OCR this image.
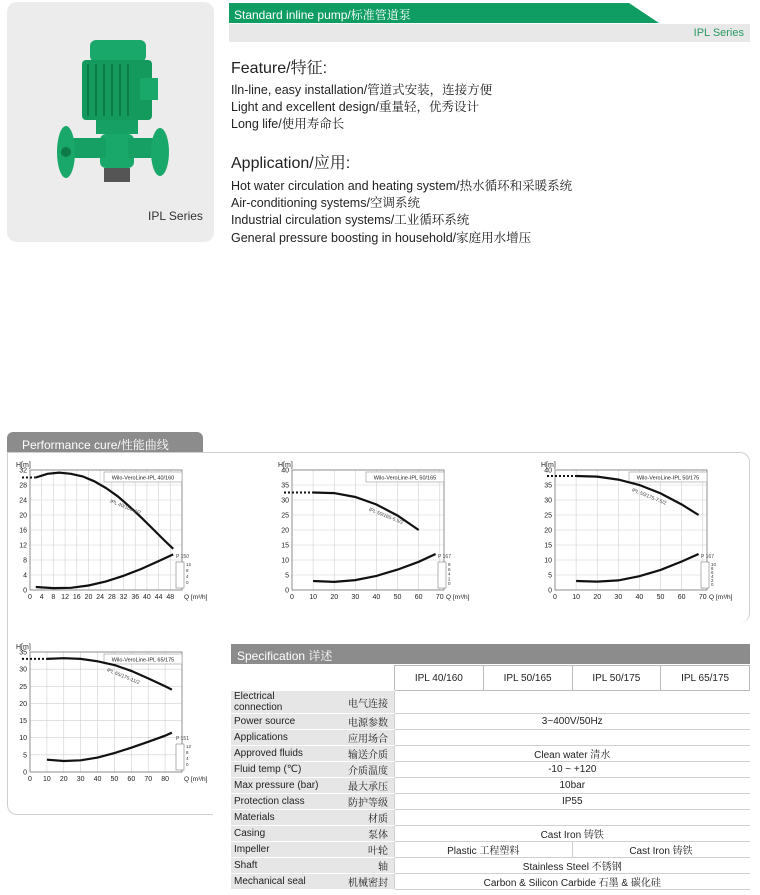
IPL Series
Standard inline pump/标准管道泵
IPL Series
Feature/特征:
Iln-line, easy installation/管道式安装，连接方便
Light and excellent design/重量轻，优秀设计
Long life/使用寿命长
Application/应用:
Hot water circulation and heating system/热水循环和采暖系统
Air-conditioning systems/空调系统
Industrial circulation systems/工业循环系统
General pressure boosting in household/家庭用水增压
Performance cure/性能曲线
0 4 8 12 16 20 24 28 32 36 40 44 48
0
4
8
12
16
20
24
28
32
H[m]
Q [m³/h]
Wilo-VeroLine-IPL 40/160
IPL 40/160-4/2
P 150
12
8
4
0
0 10 20 30 40 50 60 70
0
5
10
15
20
25
30
35
40
H[m]
Q [m³/h]
Wilo-VeroLine-IPL 50/165
IPL 50/165-5.5/2
P 167
8
6
4
2
0
0 10 20 30 40 50 60 70
0
5
10
15
20
25
30
35
40
H[m]
Q [m³/h]
Wilo-VeroLine-IPL 50/175
IPL 50/175-7.5/2
P 167
10
8
6
4
2
0
0 10 20 30 40 50 60 70 80
0
5
10
15
20
25
30
35
H[m]
Q [m³/h]
Wilo-VeroLine-IPL 65/175
IPL 65/175-11/2
P 151
12
8
4
0
Specification 详述
		IPL 40/160	IPL 50/165	IPL 50/175	IPL 65/175
Electrical connection	电气连接				
Power source	电源参数	3~400V/50Hz			
Applications	应用场合				
Approved fluids	输送介质	Clean water 清水			
Fluid temp (℃)	介质温度	-10 ~ +120			
Max pressure (bar)	最大承压	10bar			
Protection class	防护等级	IP55			
Materials	材质				
Casing	泵体	Cast Iron 铸铁			
Impeller	叶轮	Plastic 工程塑料		Cast Iron 铸铁	
Shaft	轴	Stainless Steel 不锈钢			
Mechanical seal	机械密封	Carbon & Silicon Carbide 石墨 & 碳化硅			
